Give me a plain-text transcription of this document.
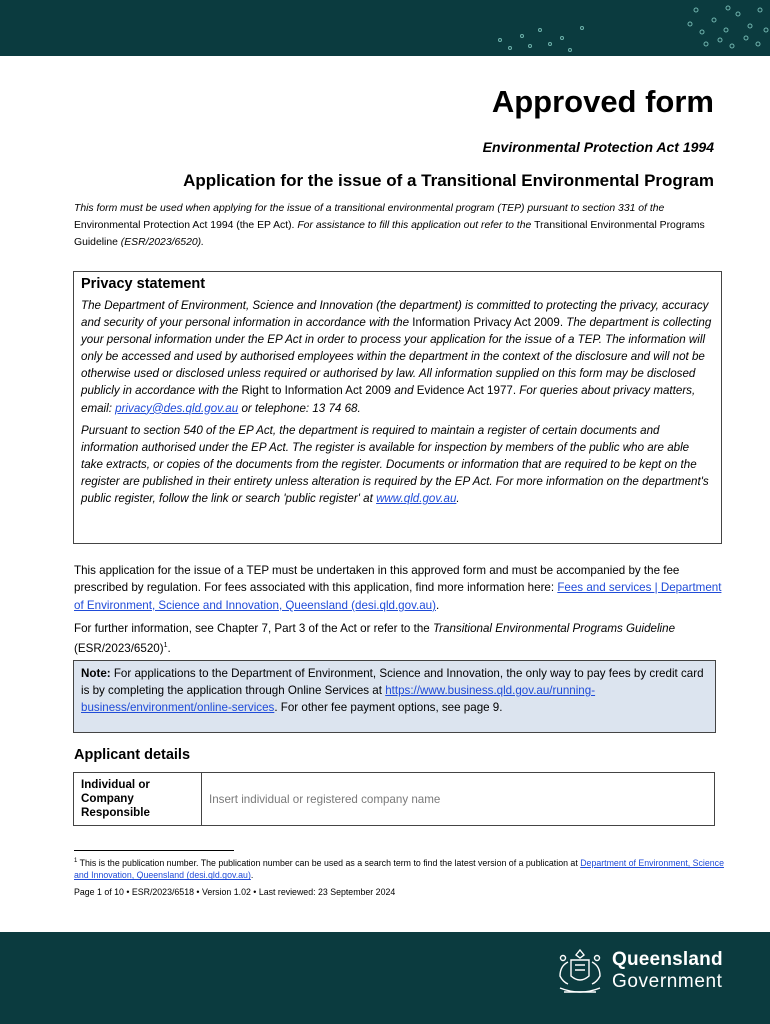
Approved form
Environmental Protection Act 1994
Application for the issue of a Transitional Environmental Program
This form must be used when applying for the issue of a transitional environmental program (TEP) pursuant to section 331 of the Environmental Protection Act 1994 (the EP Act). For assistance to fill this application out refer to the Transitional Environmental Programs Guideline (ESR/2023/6520).
Privacy statement

The Department of Environment, Science and Innovation (the department) is committed to protecting the privacy, accuracy and security of your personal information in accordance with the Information Privacy Act 2009. The department is collecting your personal information under the EP Act in order to process your application for the issue of a TEP. The information will only be accessed and used by authorised employees within the department in the context of the disclosure and will not be otherwise used or disclosed unless required or authorised by law. All information supplied on this form may be disclosed publicly in accordance with the Right to Information Act 2009 and Evidence Act 1977. For queries about privacy matters, email: privacy@des.qld.gov.au or telephone: 13 74 68.

Pursuant to section 540 of the EP Act, the department is required to maintain a register of certain documents and information authorised under the EP Act. The register is available for inspection by members of the public who are able take extracts, or copies of the documents from the register. Documents or information that are required to be kept on the register are published in their entirety unless alteration is required by the EP Act. For more information on the department's public register, follow the link or search 'public register' at www.qld.gov.au.

This application for the issue of a TEP must be undertaken in this approved form and must be accompanied by the fee prescribed by regulation. For fees associated with this application, find more information here: Fees and services | Department of Environment, Science and Innovation, Queensland (desi.qld.gov.au).
For further information, see Chapter 7, Part 3 of the Act or refer to the Transitional Environmental Programs Guideline $(ESR/2023/6520)^1$.
Note: For applications to the Department of Environment, Science and Innovation, the only way to pay fees by credit card is by completing the application through Online Services at https://www.business.qld.gov.au/running-business/environment/online-services. For other fee payment options, see page 9.
Applicant details
Individual or Company Responsible
Insert individual or registered company name
$^1$ This is the publication number. The publication number can be used as a search term to find the latest version of a publication at Department of Environment, Science and Innovation, Queensland (desi.qld.gov.au).
Page 1 of 10 • ESR/2023/6518 • Version 1.02 • Last reviewed: 23 September 2024
Queensland
Government
